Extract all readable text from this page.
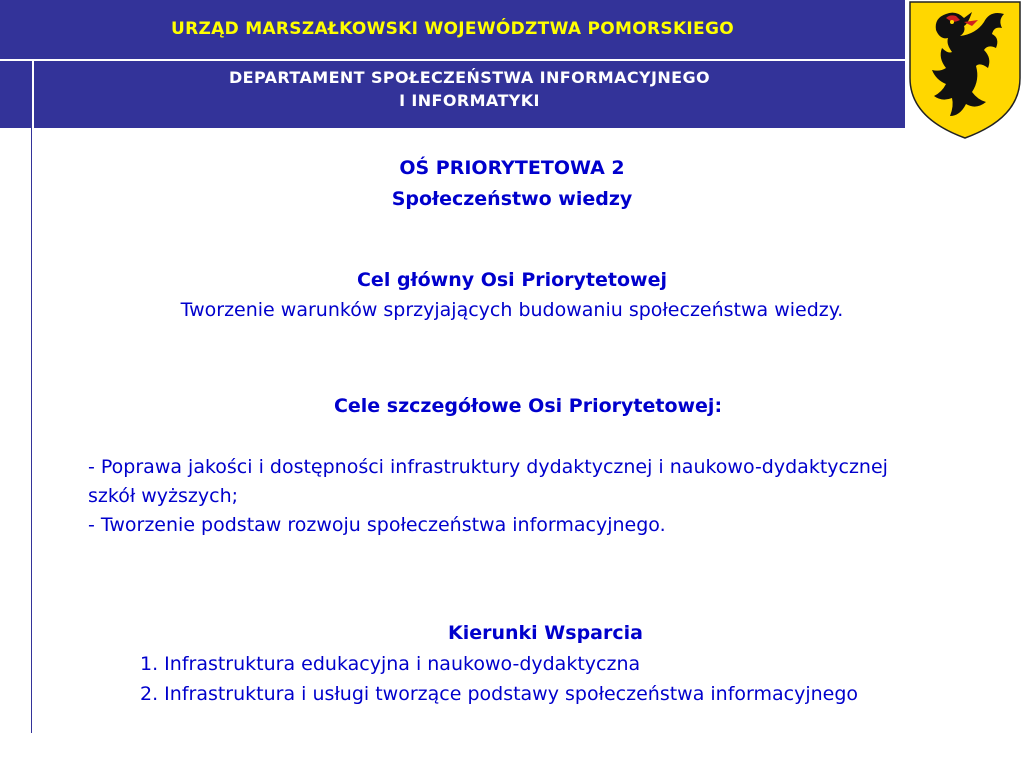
URZĄD MARSZAŁKOWSKI WOJEWÓDZTWA POMORSKIEGO
DEPARTAMENT SPOŁECZEŃSTWA INFORMACYJNEGO
I INFORMATYKI
OŚ PRIORYTETOWA 2
Społeczeństwo wiedzy
Cel główny Osi Priorytetowej
Tworzenie warunków sprzyjających budowaniu społeczeństwa wiedzy.
Cele szczegółowe Osi Priorytetowej:
- Poprawa jakości i dostępności infrastruktury dydaktycznej i naukowo-dydaktycznej szkół wyższych;
- Tworzenie podstaw rozwoju społeczeństwa informacyjnego.
Kierunki Wsparcia
1. Infrastruktura edukacyjna i naukowo-dydaktyczna
2. Infrastruktura i usługi tworzące podstawy społeczeństwa informacyjnego
